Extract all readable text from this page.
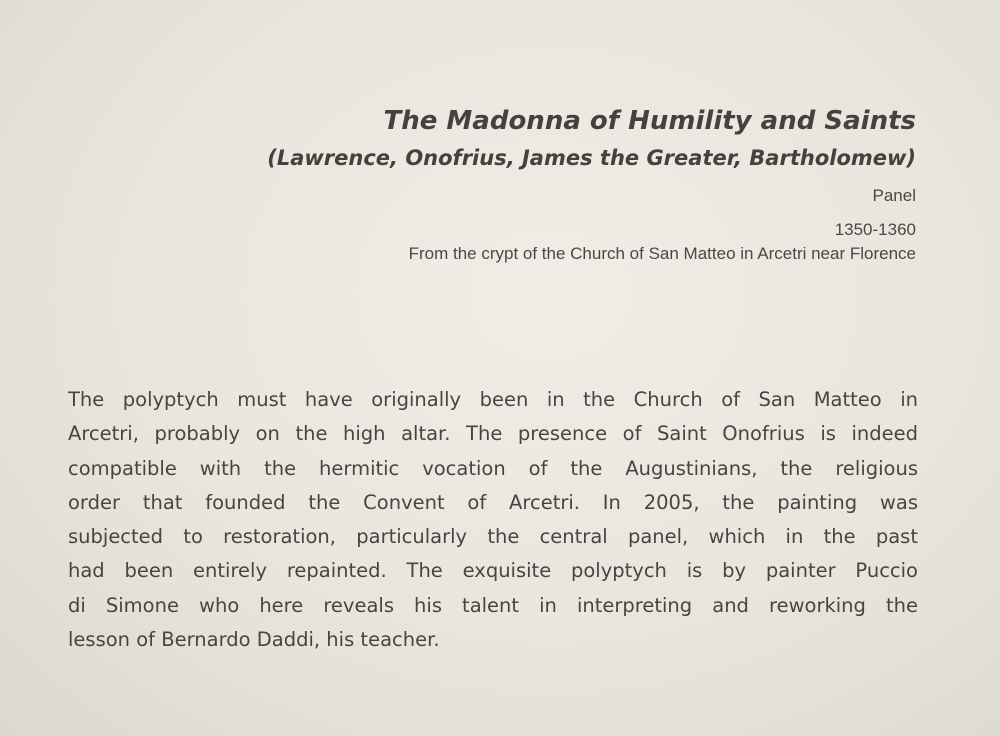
The Madonna of Humility and Saints
(Lawrence, Onofrius, James the Greater, Bartholomew)

Panel

1350-1360

From the crypt of the Church of San Matteo in Arcetri near Florence

The polyptych must have originally been in the Church of San Matteo in
Arcetri, probably on the high altar. The presence of Saint Onofrius is indeed
compatible with the hermitic vocation of the Augustinians, the religious
order that founded the Convent of Arcetri. In 2005, the painting was
subjected to restoration, particularly the central panel, which in the past
had been entirely repainted. The exquisite polyptych is by painter Puccio
di Simone who here reveals his talent in interpreting and reworking the
lesson of Bernardo Daddi, his teacher.
